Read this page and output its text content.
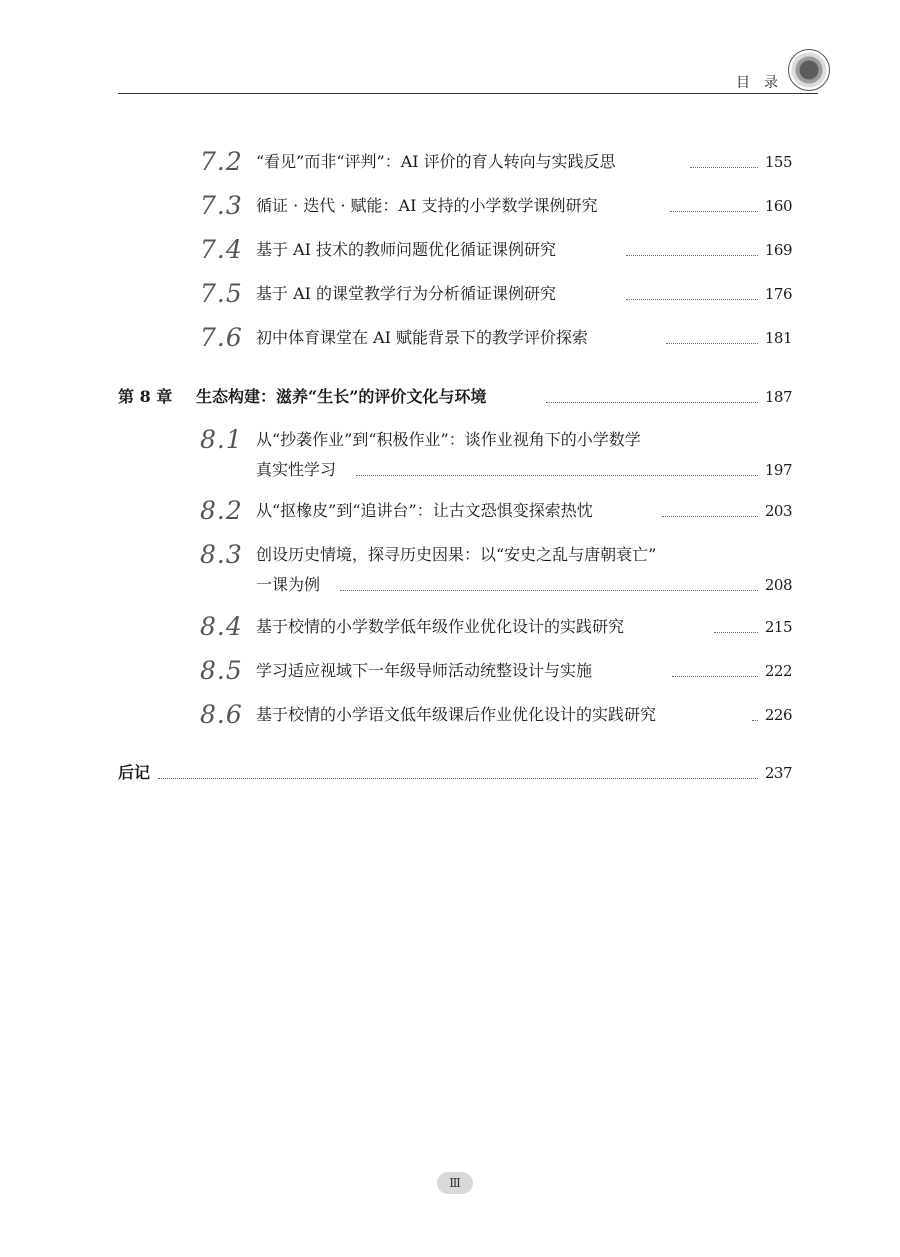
目录
7.2 “看见”而非“评判”：AI 评价的育人转向与实践反思	155
7.3 循证 · 迭代 · 赋能：AI 支持的小学数学课例研究	160
7.4 基于 AI 技术的教师问题优化循证课例研究	169
7.5 基于 AI 的课堂教学行为分析循证课例研究	176
7.6 初中体育课堂在 AI 赋能背景下的教学评价探索	181
第 8 章 生态构建：滋养“生长”的评价文化与环境	187
8.1 从“抄袭作业”到“积极作业”：谈作业视角下的小学数学
真实性学习	197
8.2 从“抠橡皮”到“追讲台”：让古文恐惧变探索热忱	203
8.3 创设历史情境，探寻历史因果：以“安史之乱与唐朝衰亡”
一课为例	208
8.4 基于校情的小学数学低年级作业优化设计的实践研究	215
8.5 学习适应视域下一年级导师活动统整设计与实施	222
8.6 基于校情的小学语文低年级课后作业优化设计的实践研究	226
后记	237
Ⅲ
